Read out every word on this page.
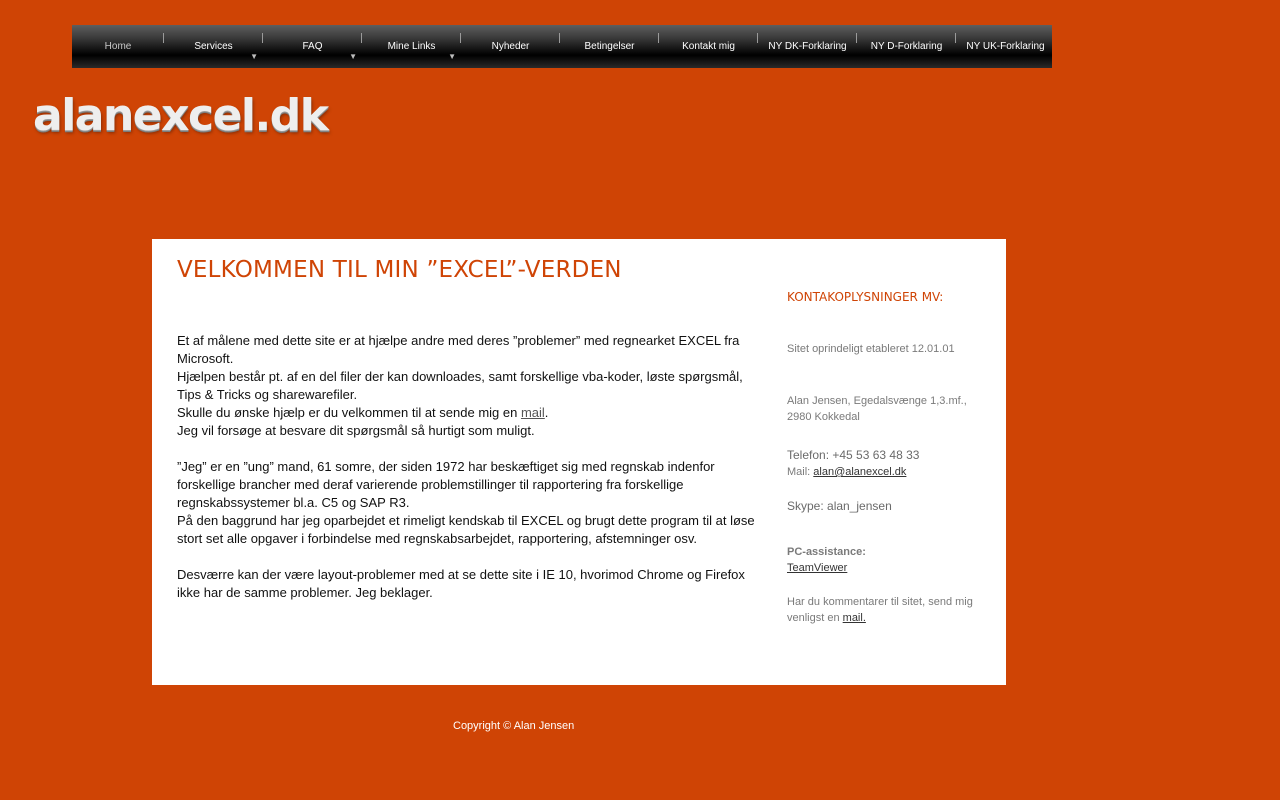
Home	Services
▼
FAQ
▼
Mine Links
▼
Nyheder	Betingelser	Kontakt mig	NY DK-Forklaring	NY D-Forklaring	NY UK-Forklaring
alanexcel.dk
VELKOMMEN TIL MIN ”EXCEL”-VERDEN

Et af målene med dette site er at hjælpe andre med deres ”problemer” med regnearket EXCEL fra Microsoft.

Hjælpen består pt. af en del filer der kan downloades, samt forskellige vba-koder, løste spørgsmål, Tips & Tricks og sharewarefiler.

Skulle du ønske hjælp er du velkommen til at sende mig en mail.

Jeg vil forsøge at besvare dit spørgsmål så hurtigt som muligt.

”Jeg” er en ”ung” mand, 61 somre, der siden 1972 har beskæftiget sig med regnskab indenfor forskellige brancher med deraf varierende problemstillinger til rapportering fra forskellige regnskabssystemer bl.a. C5 og SAP R3.

På den baggrund har jeg oparbejdet et rimeligt kendskab til EXCEL og brugt dette program til at løse stort set alle opgaver i forbindelse med regnskabsarbejdet, rapportering, afstemninger osv.

Desværre kan der være layout-problemer med at se dette site i IE 10, hvorimod Chrome og Firefox ikke har de samme problemer. Jeg beklager.

KONTAKOPLYSNINGER MV:

Sitet oprindeligt etableret 12.01.01

Alan Jensen, Egedalsvænge 1,3.mf.,

2980 Kokkedal

Telefon: +45 53 63 48 33

Mail: alan@alanexcel.dk

Skype: alan_jensen

PC-assistance:

TeamViewer

Har du kommentarer til sitet, send mig venligst en mail.

Copyright © Alan Jensen
